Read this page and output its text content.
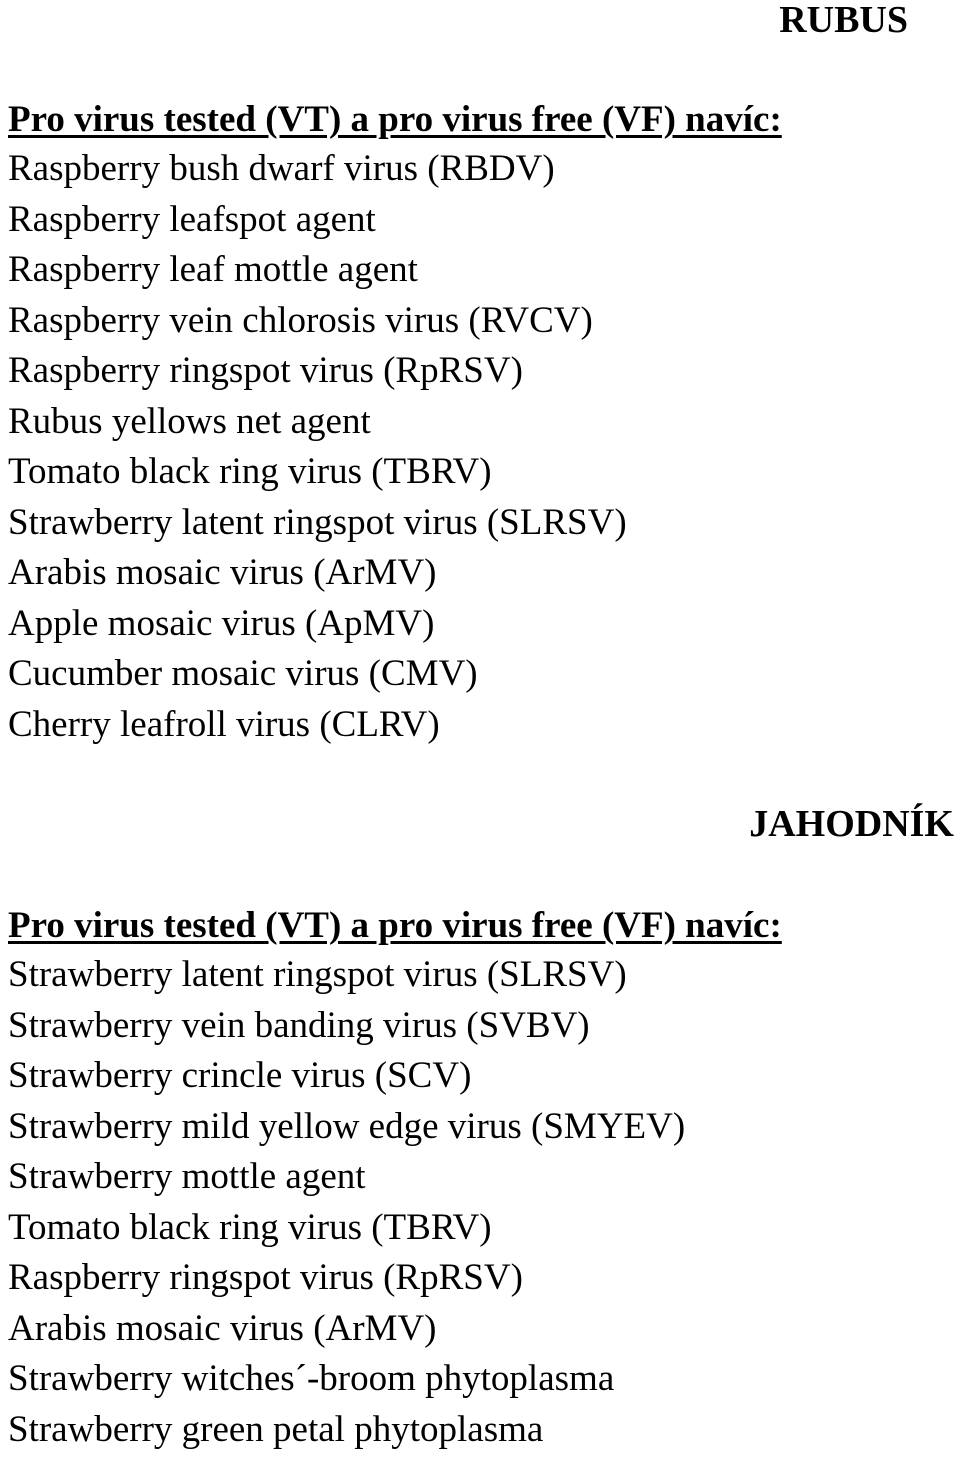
RUBUS
Pro virus tested (VT) a pro virus free (VF) navíc:
Raspberry bush dwarf virus (RBDV)
Raspberry leafspot agent
Raspberry leaf mottle agent
Raspberry vein chlorosis virus (RVCV)
Raspberry ringspot virus (RpRSV)
Rubus yellows net agent
Tomato black ring virus (TBRV)
Strawberry latent ringspot virus (SLRSV)
Arabis mosaic virus (ArMV)
Apple mosaic virus (ApMV)
Cucumber mosaic virus (CMV)
Cherry leafroll virus (CLRV)
JAHODNÍK
Pro virus tested (VT) a pro virus free (VF) navíc:
Strawberry latent ringspot virus (SLRSV)
Strawberry vein banding virus (SVBV)
Strawberry crincle virus (SCV)
Strawberry mild yellow edge virus (SMYEV)
Strawberry mottle agent
Tomato black ring virus (TBRV)
Raspberry ringspot virus (RpRSV)
Arabis mosaic virus (ArMV)
Strawberry witches´-broom phytoplasma
Strawberry green petal phytoplasma
